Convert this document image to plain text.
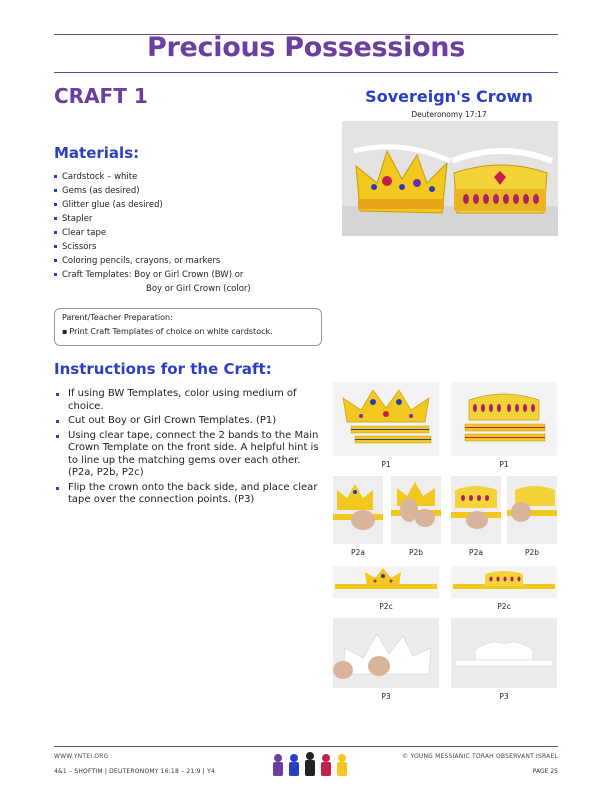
Precious Possessions
CRAFT 1	Sovereign's Crown
Deuteronomy 17:17
Materials:
Cardstock – white
Gems (as desired)
Glitter glue (as desired)
Stapler
Clear tape
Scissors
Coloring pencils, crayons, or markers
Craft Templates: Boy or Girl Crown (BW) or
Boy or Girl Crown (color)
Parent/Teacher Preparation:
▪ Print Craft Templates of choice on white cardstock.
Instructions for the Craft:
If using BW Templates, color using medium of choice.
Cut out Boy or Girl Crown Templates. (P1)
Using clear tape, connect the 2 bands to the Main Crown Template on the front side. A helpful hint is to line up the matching gems over each other. (P2a, P2b, P2c)
Flip the crown onto the back side, and place clear tape over the connection points. (P3)
P1	P1
P2a	P2b	P2a	P2b
P2c	P2c
P3	P3
WWW.YNTEI.ORG
4&1 – SHOFTIM | DEUTERONOMY 16:18 – 21:9 | Y4
© YOUNG MESSIANIC TORAH OBSERVANT ISRAEL
PAGE 25
